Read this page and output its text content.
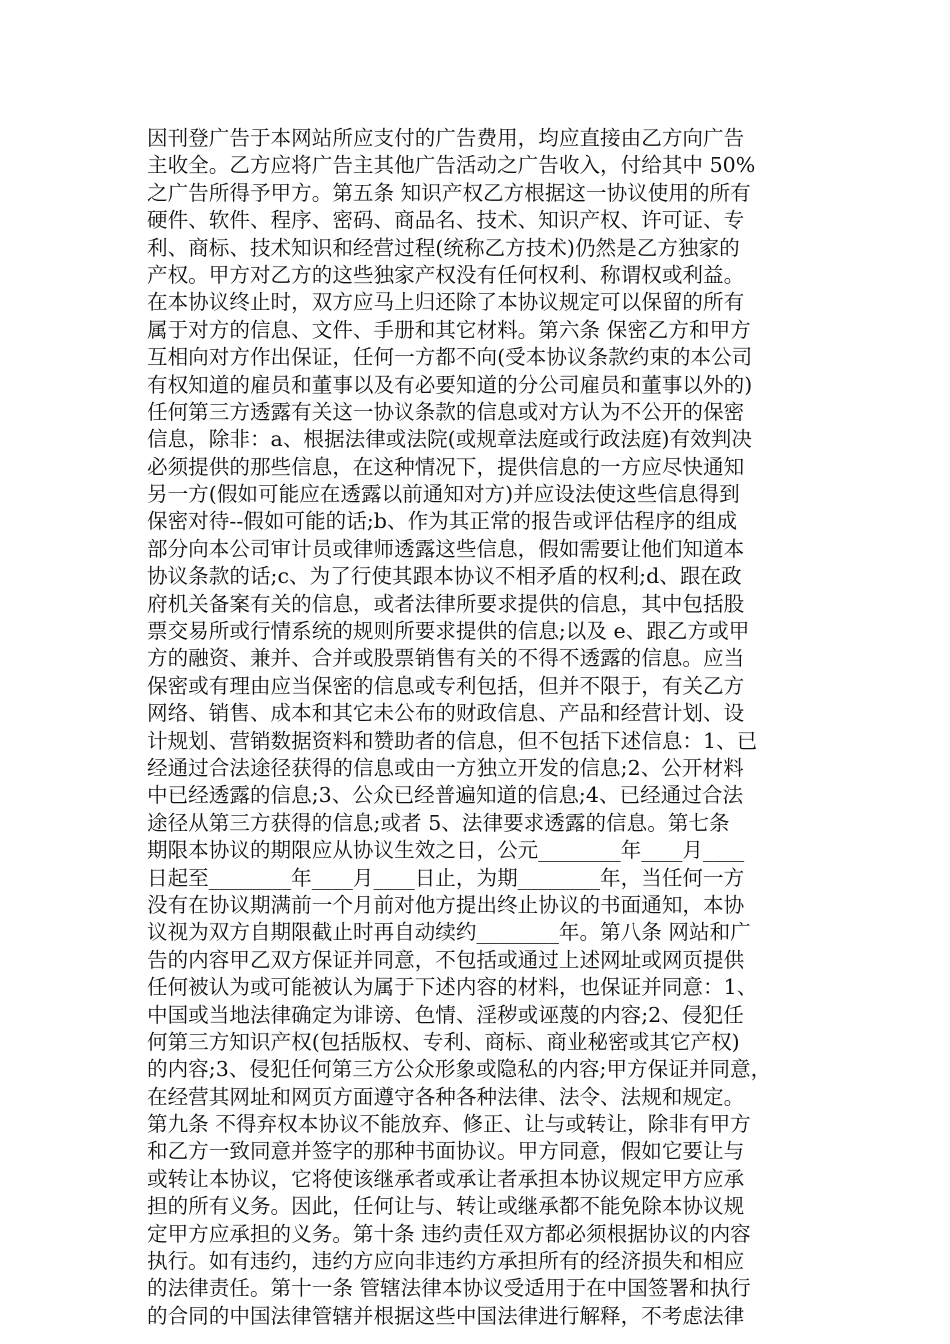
因刊登广告于本网站所应支付的广告费用，均应直接由乙方向广告
主收全。乙方应将广告主其他广告活动之广告收入，付给其中 50%
之广告所得予甲方。第五条 知识产权乙方根据这一协议使用的所有
硬件、软件、程序、密码、商品名、技术、知识产权、许可证、专
利、商标、技术知识和经营过程(统称乙方技术)仍然是乙方独家的
产权。甲方对乙方的这些独家产权没有任何权利、称谓权或利益。
在本协议终止时，双方应马上归还除了本协议规定可以保留的所有
属于对方的信息、文件、手册和其它材料。第六条 保密乙方和甲方
互相向对方作出保证，任何一方都不向(受本协议条款约束的本公司
有权知道的雇员和董事以及有必要知道的分公司雇员和董事以外的)
任何第三方透露有关这一协议条款的信息或对方认为不公开的保密
信息，除非：a、根据法律或法院(或规章法庭或行政法庭)有效判决
必须提供的那些信息，在这种情况下，提供信息的一方应尽快通知
另一方(假如可能应在透露以前通知对方)并应设法使这些信息得到
保密对待--假如可能的话;b、作为其正常的报告或评估程序的组成
部分向本公司审计员或律师透露这些信息，假如需要让他们知道本
协议条款的话;c、为了行使其跟本协议不相矛盾的权利;d、跟在政
府机关备案有关的信息，或者法律所要求提供的信息，其中包括股
票交易所或行情系统的规则所要求提供的信息;以及 e、跟乙方或甲
方的融资、兼并、合并或股票销售有关的不得不透露的信息。应当
保密或有理由应当保密的信息或专利包括，但并不限于，有关乙方
网络、销售、成本和其它未公布的财政信息、产品和经营计划、设
计规划、营销数据资料和赞助者的信息，但不包括下述信息：1、已
经通过合法途径获得的信息或由一方独立开发的信息;2、公开材料
中已经透露的信息;3、公众已经普遍知道的信息;4、已经通过合法
途径从第三方获得的信息;或者 5、法律要求透露的信息。第七条
期限本协议的期限应从协议生效之日，公元________年____月____
日起至________年____月____日止，为期________年，当任何一方
没有在协议期满前一个月前对他方提出终止协议的书面通知，本协
议视为双方自期限截止时再自动续约________年。第八条 网站和广
告的内容甲乙双方保证并同意，不包括或通过上述网址或网页提供
任何被认为或可能被认为属于下述内容的材料，也保证并同意：1、
中国或当地法律确定为诽谤、色情、淫秽或诬蔑的内容;2、侵犯任
何第三方知识产权(包括版权、专利、商标、商业秘密或其它产权)
的内容;3、侵犯任何第三方公众形象或隐私的内容;甲方保证并同意，
在经营其网址和网页方面遵守各种各种法律、法令、法规和规定。
第九条 不得弃权本协议不能放弃、修正、让与或转让，除非有甲方
和乙方一致同意并签字的那种书面协议。甲方同意，假如它要让与
或转让本协议，它将使该继承者或承让者承担本协议规定甲方应承
担的所有义务。因此，任何让与、转让或继承都不能免除本协议规
定甲方应承担的义务。第十条 违约责任双方都必须根据协议的内容
执行。如有违约，违约方应向非违约方承担所有的经济损失和相应
的法律责任。第十一条 管辖法律本协议受适用于在中国签署和执行
的合同的中国法律管辖并根据这些中国法律进行解释，不考虑法律
